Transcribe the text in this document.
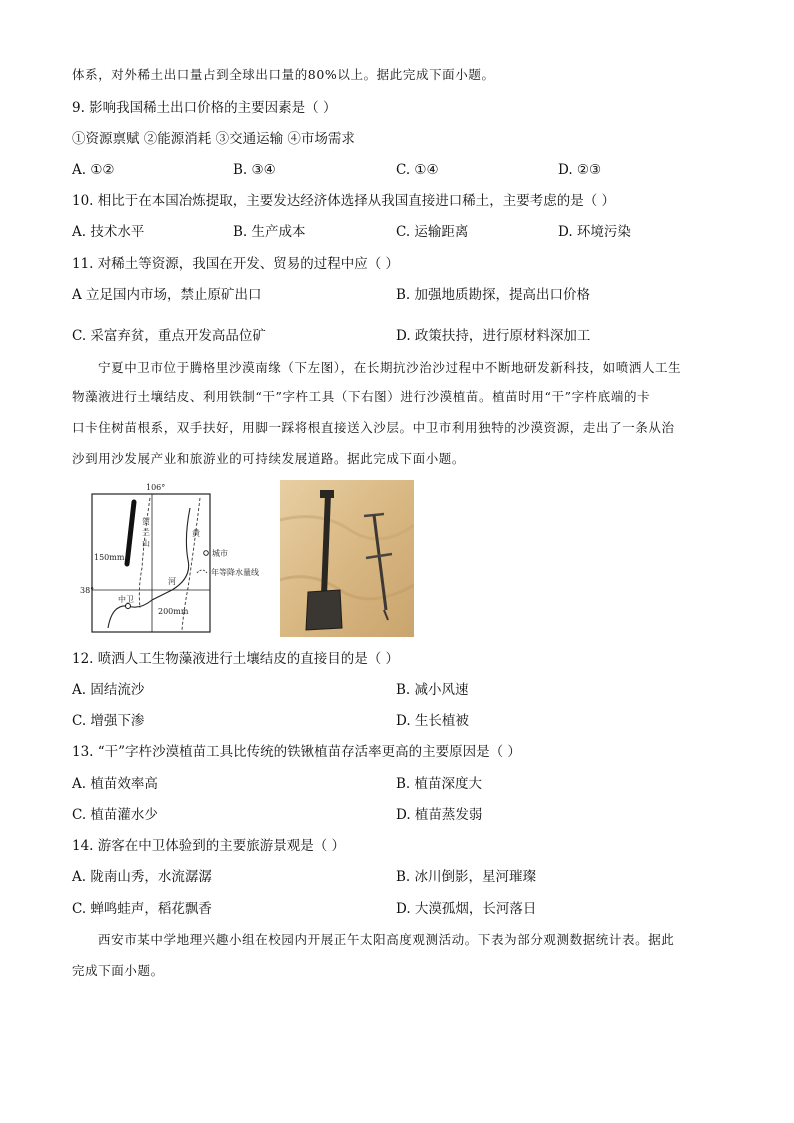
体系，对外稀土出口量占到全球出口量的80%以上。据此完成下面小题。
9. 影响我国稀土出口价格的主要因素是（ ）
①资源禀赋 ②能源消耗 ③交通运输 ④市场需求
A. ①②	B. ③④	C. ①④	D. ②③
10. 相比于在本国冶炼提取，主要发达经济体选择从我国直接进口稀土，主要考虑的是（ ）
A. 技术水平	B. 生产成本	C. 运输距离	D. 环境污染
11. 对稀土等资源，我国在开发、贸易的过程中应（ ）
A 立足国内市场，禁止原矿出口	B. 加强地质勘探，提高出口价格
C. 采富弃贫，重点开发高品位矿	D. 政策扶持，进行原材料深加工
宁夏中卫市位于腾格里沙漠南缘（下左图），在长期抗沙治沙过程中不断地研发新科技，如喷洒人工生
物藻液进行土壤结皮、利用铁制“干”字杵工具（下右图）进行沙漠植苗。植苗时用“干”字杵底端的卡
口卡住树苗根系，双手扶好，用脚一踩将根直接送入沙层。中卫市利用独特的沙漠资源，走出了一条从治
沙到用沙发展产业和旅游业的可持续发展道路。据此完成下面小题。
106°
38°
贺
兰
山
黄
河
中卫
150mm
200mm
城市
年等降水量线
12. 喷洒人工生物藻液进行土壤结皮的直接目的是（ ）
A. 固结流沙	B. 减小风速
C. 增强下渗	D. 生长植被
13. “干”字杵沙漠植苗工具比传统的铁锹植苗存活率更高的主要原因是（ ）
A. 植苗效率高	B. 植苗深度大
C. 植苗灌水少	D. 植苗蒸发弱
14. 游客在中卫体验到的主要旅游景观是（ ）
A. 陇南山秀，水流潺潺	B. 冰川倒影，星河璀璨
C. 蝉鸣蛙声，稻花飘香	D. 大漠孤烟，长河落日
西安市某中学地理兴趣小组在校园内开展正午太阳高度观测活动。下表为部分观测数据统计表。据此
完成下面小题。
